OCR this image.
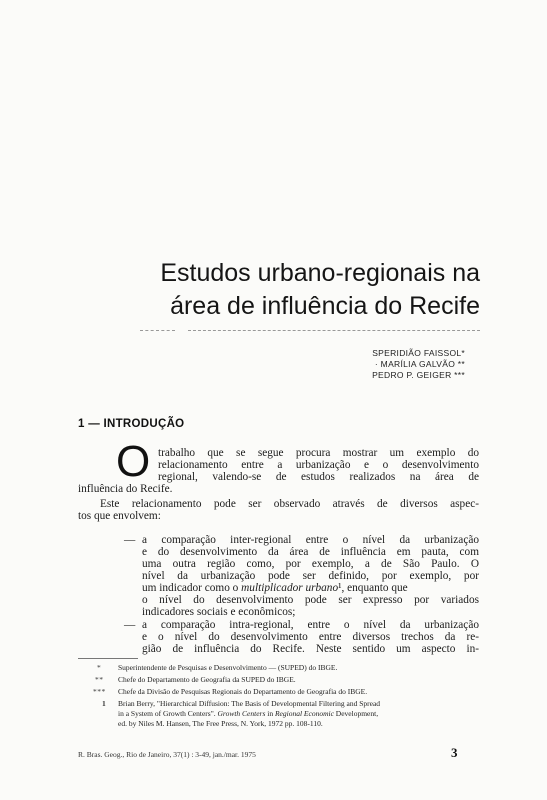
Estudos urbano-regionais na
área de influência do Recife
SPERIDIÃO FAISSOL*
· MARÍLIA GALVÃO **
PEDRO P. GEIGER ***
1 — INTRODUÇÃO
O trabalho que se segue procura mostrar um exemplo do
relacionamento entre a urbanização e o desenvolvimento
regional, valendo-se de estudos realizados na área de
influência do Recife.
Este relacionamento pode ser observado através de diversos aspec-
tos que envolvem:
— a comparação inter-regional entre o nível da urbanização
e do desenvolvimento da área de influência em pauta, com
uma outra região como, por exemplo, a de São Paulo. O
nível da urbanização pode ser definido, por exemplo, por
um indicador como o multiplicador urbano¹, enquanto que
o nível do desenvolvimento pode ser expresso por variados
indicadores sociais e econômicos;
— a comparação intra-regional, entre o nível da urbanização
e o nível do desenvolvimento entre diversos trechos da re-
gião de influência do Recife. Neste sentido um aspecto in-
* Superintendente de Pesquisas e Desenvolvimento — (SUPED) do IBGE.
** Chefe do Departamento de Geografia da SUPED do IBGE.
*** Chefe da Divisão de Pesquisas Regionais do Departamento de Geografia do IBGE.
1 Brian Berry, "Hierarchical Diffusion: The Basis of Developmental Filtering and Spread
in a System of Growth Centers". Growth Centers in Regional Economic Development,
ed. by Niles M. Hansen, The Free Press, N. York, 1972 pp. 108-110.
R. Bras. Geog., Rio de Janeiro, 37(1) : 3-49, jan./mar. 1975	3
